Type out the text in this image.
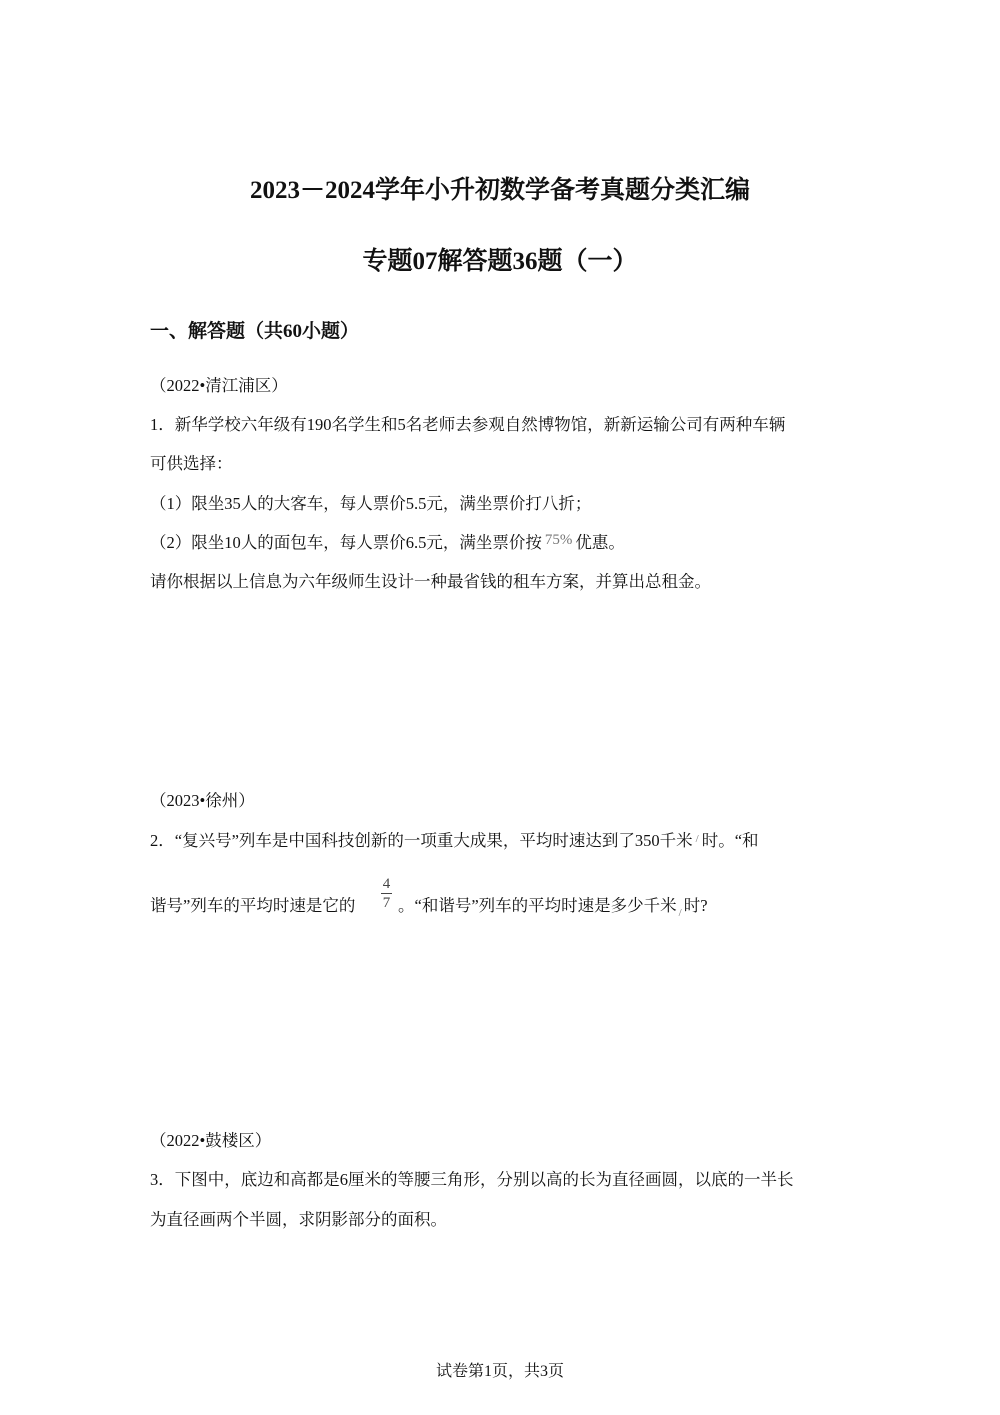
2023－2024学年小升初数学备考真题分类汇编
专题07解答题36题（一）
一、解答题（共60小题）
（2022•清江浦区）
1．新华学校六年级有190名学生和5名老师去参观自然博物馆，新新运输公司有两种车辆
可供选择：
（1）限坐35人的大客车，每人票价5.5元，满坐票价打八折；
（2）限坐10人的面包车，每人票价6.5元，满坐票价按 75% 优惠。
请你根据以上信息为六年级师生设计一种最省钱的租车方案，并算出总租金。
（2023•徐州）
2．“复兴号”列车是中国科技创新的一项重大成果，平均时速达到了350千米 / 时。“和
谐号”列车的平均时速是它的
4
7 。“和谐号”列车的平均时速是多少千米 $_/$ 时?
（2022•鼓楼区）
3．下图中，底边和高都是6厘米的等腰三角形，分别以高的长为直径画圆，以底的一半长
为直径画两个半圆，求阴影部分的面积。
试卷第1页，共3页
